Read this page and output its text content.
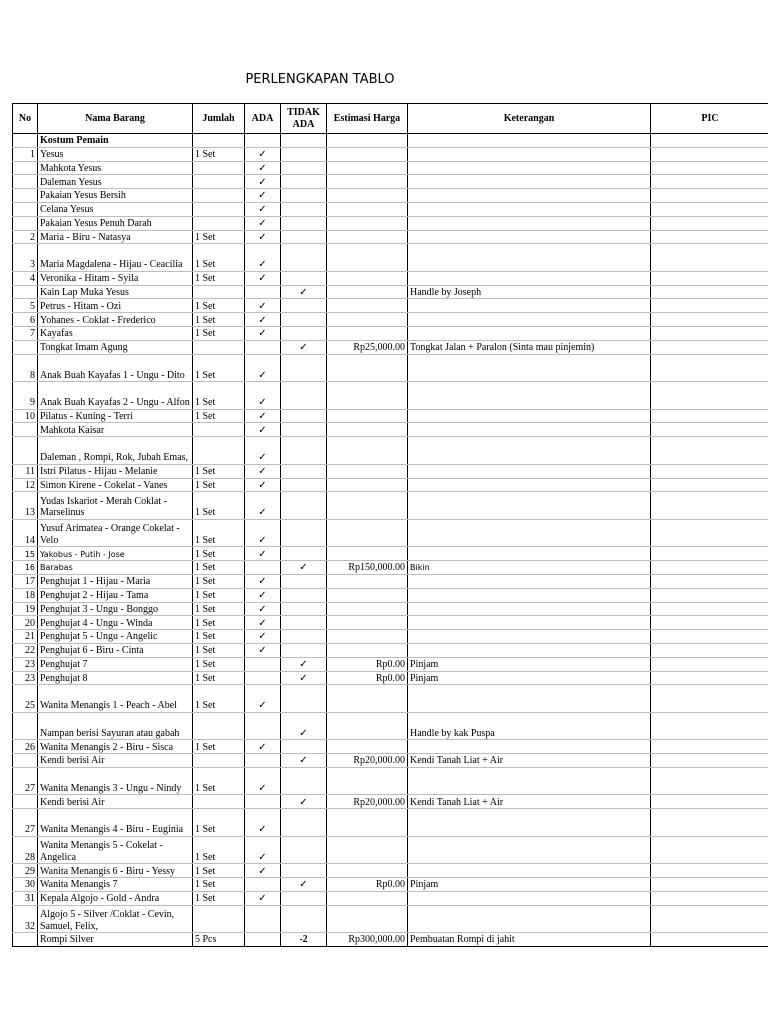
PERLENGKAPAN TABLO
No	Nama Barang	Jumlah	ADA	TIDAK ADA	Estimasi Harga	Keterangan	PIC
	Kostum Pemain						
1	Yesus	1 Set	✓				
	Mahkota Yesus		✓				
	Daleman Yesus		✓				
	Pakaian Yesus Bersih		✓				
	Celana Yesus		✓				
	Pakaian Yesus Penuh Darah		✓				
2	Maria - Biru - Natasya	1 Set	✓				
3	Maria Magdalena - Hijau - Ceacilia	1 Set	✓				
4	Veronika - Hitam - Syila	1 Set	✓				
	Kain Lap Muka Yesus			✓		Handle by Joseph	
5	Petrus - Hitam - Ozi	1 Set	✓				
6	Yohanes - Coklat - Frederico	1 Set	✓				
7	Kayafas	1 Set	✓				
	Tongkat Imam Agung			✓	Rp25,000.00	Tongkat Jalan + Paralon (Sinta mau pinjemin)	
8	Anak Buah Kayafas 1 - Ungu - Dito	1 Set	✓				
9	Anak Buah Kayafas 2 - Ungu - Alfon	1 Set	✓				
10	Pilatus - Kuning - Terri	1 Set	✓				
	Mahkota Kaisar		✓				
	Daleman , Rompi, Rok, Jubah Emas,		✓				
11	Istri Pilatus - Hijau - Melanie	1 Set	✓				
12	Simon Kirene - Cokelat - Vanes	1 Set	✓				
13	Yudas Iskariot - Merah Coklat - Marselinus	1 Set	✓				
14	Yusuf Arimatea - Orange Cokelat - Velo	1 Set	✓				
15	Yakobus - Putih - Jose	1 Set	✓				
16	Barabas	1 Set		✓	Rp150,000.00	Bikin	
17	Penghujat 1 - Hijau - Maria	1 Set	✓				
18	Penghujat 2 - Hijau - Tama	1 Set	✓				
19	Penghujat 3 - Ungu - Bonggo	1 Set	✓				
20	Penghujat 4 - Ungu - Winda	1 Set	✓				
21	Penghujat 5 - Ungu - Angelic	1 Set	✓				
22	Penghujat 6 - Biru - Cinta	1 Set	✓				
23	Penghujat 7	1 Set		✓	Rp0.00	Pinjam	
23	Penghujat 8	1 Set		✓	Rp0.00	Pinjam	
25	Wanita Menangis 1 - Peach - Abel	1 Set	✓				
	Nampan berisi Sayuran atau gabah			✓		Handle by kak Puspa	
26	Wanita Menangis 2 - Biru - Sisca	1 Set	✓				
	Kendi berisi Air			✓	Rp20,000.00	Kendi Tanah Liat + Air	
27	Wanita Menangis 3 - Ungu - Nindy	1 Set	✓				
	Kendi berisi Air			✓	Rp20,000.00	Kendi Tanah Liat + Air	
27	Wanita Menangis 4 - Biru - Euginia	1 Set	✓				
28	Wanita Menangis 5 - Cokelat - Angelica	1 Set	✓				
29	Wanita Menangis 6 - Biru - Yessy	1 Set	✓				
30	Wanita Menangis 7	1 Set		✓	Rp0.00	Pinjam	
31	Kepala Algojo - Gold - Andra	1 Set	✓				
32	Algojo 5 - Silver /Coklat - Cevin, Samuel, Felix,						
	Rompi Silver	5 Pcs		-2	Rp300,000.00	Pembuatan Rompi di jahit	
